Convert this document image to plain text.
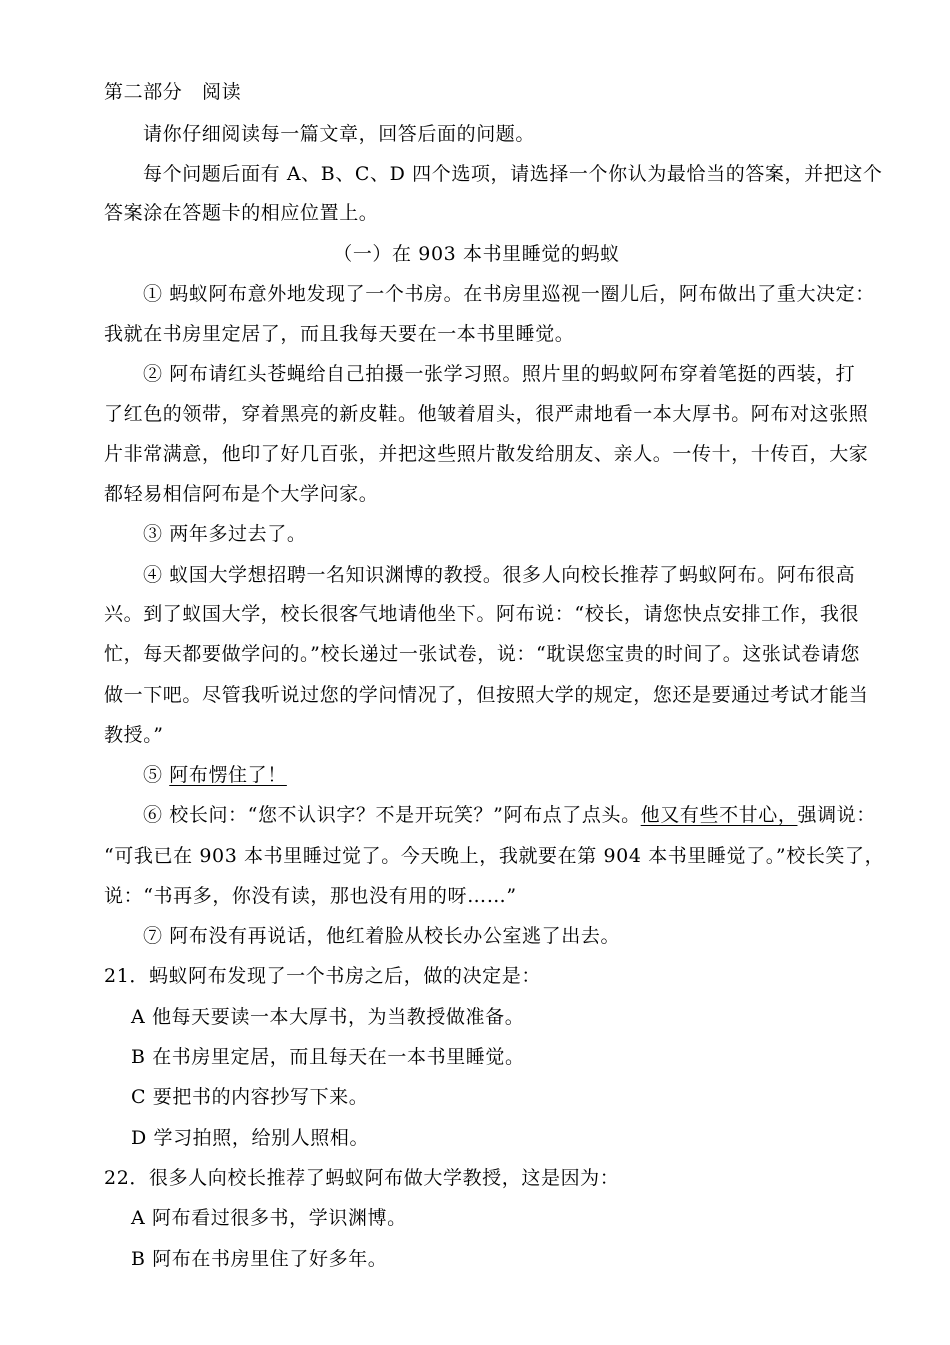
第二部分　阅读
请你仔细阅读每一篇文章，回答后面的问题。
每个问题后面有 A、B、C、D 四个选项，请选择一个你认为最恰当的答案，并把这个
答案涂在答题卡的相应位置上。
（一）在 903 本书里睡觉的蚂蚁
① 蚂蚁阿布意外地发现了一个书房。在书房里巡视一圈儿后，阿布做出了重大决定：
我就在书房里定居了，而且我每天要在一本书里睡觉。
② 阿布请红头苍蝇给自己拍摄一张学习照。照片里的蚂蚁阿布穿着笔挺的西装，打
了红色的领带，穿着黑亮的新皮鞋。他皱着眉头，很严肃地看一本大厚书。阿布对这张照
片非常满意，他印了好几百张，并把这些照片散发给朋友、亲人。一传十，十传百，大家
都轻易相信阿布是个大学问家。
③ 两年多过去了。
④ 蚁国大学想招聘一名知识渊博的教授。很多人向校长推荐了蚂蚁阿布。阿布很高
兴。到了蚁国大学，校长很客气地请他坐下。阿布说：“校长，请您快点安排工作，我很
忙，每天都要做学问的。”校长递过一张试卷，说：“耽误您宝贵的时间了。这张试卷请您
做一下吧。尽管我听说过您的学问情况了，但按照大学的规定，您还是要通过考试才能当
教授。”
⑤ 阿布愣住了！
⑥ 校长问：“您不认识字？不是开玩笑？”阿布点了点头。 他又有些不甘心， 强调说：
“可我已在 903 本书里睡过觉了。今天晚上，我就要在第 904 本书里睡觉了。”校长笑了，
说：“书再多，你没有读，那也没有用的呀……”
⑦ 阿布没有再说话，他红着脸从校长办公室逃了出去。
21．蚂蚁阿布发现了一个书房之后，做的决定是：
A 他每天要读一本大厚书，为当教授做准备。
B 在书房里定居，而且每天在一本书里睡觉。
C 要把书的内容抄写下来。
D 学习拍照，给别人照相。
22．很多人向校长推荐了蚂蚁阿布做大学教授，这是因为：
A 阿布看过很多书，学识渊博。
B 阿布在书房里住了好多年。
